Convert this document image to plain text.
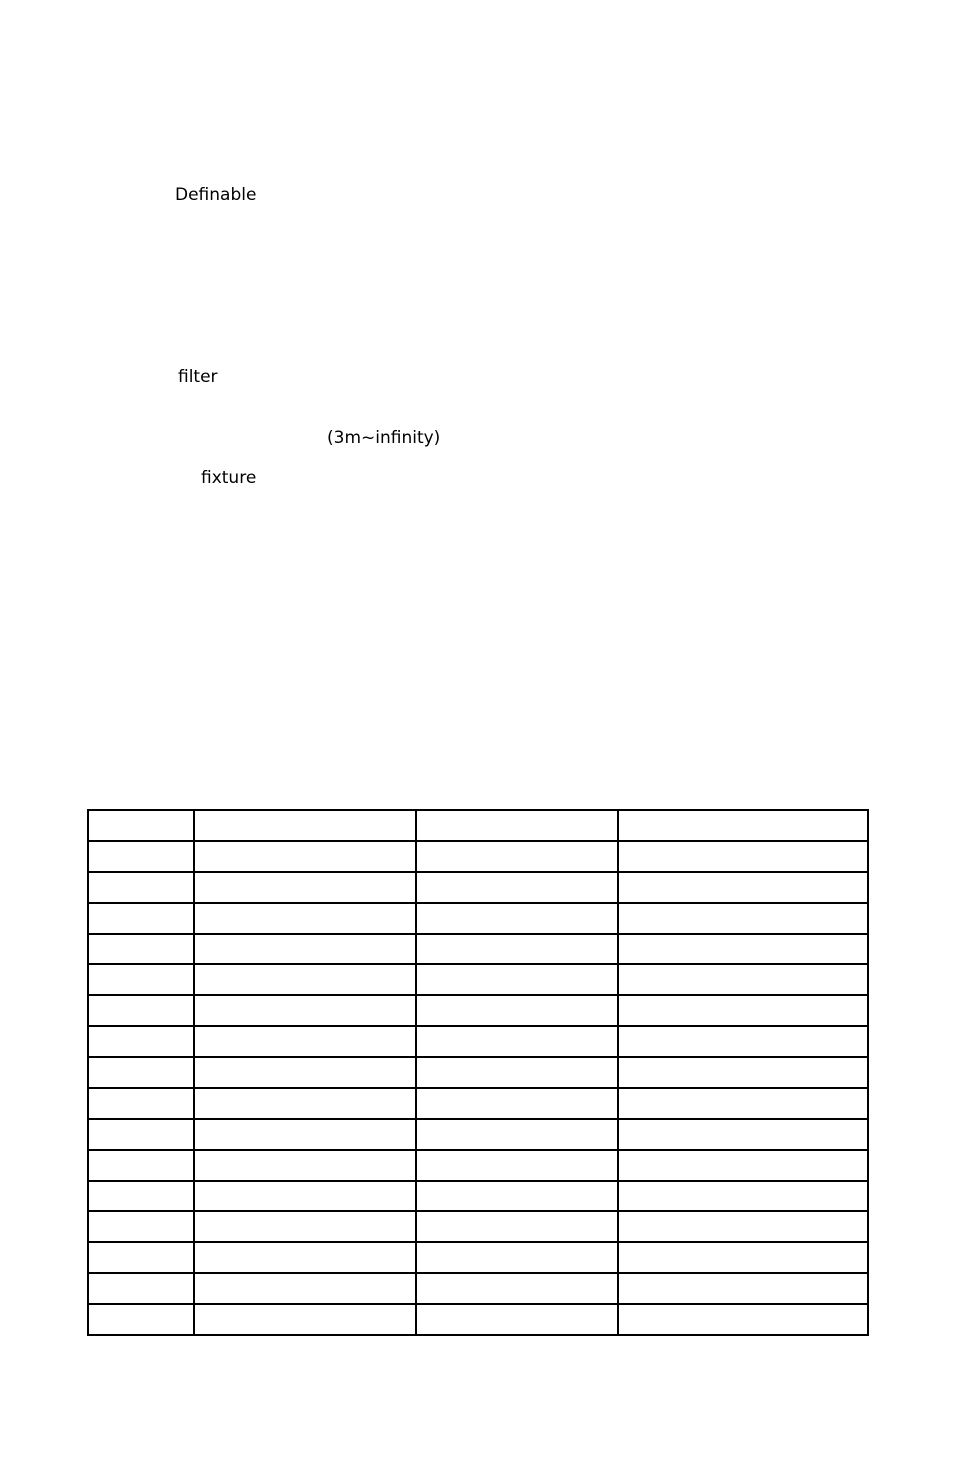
Definable
filter
(3m~infinity)
fixture
